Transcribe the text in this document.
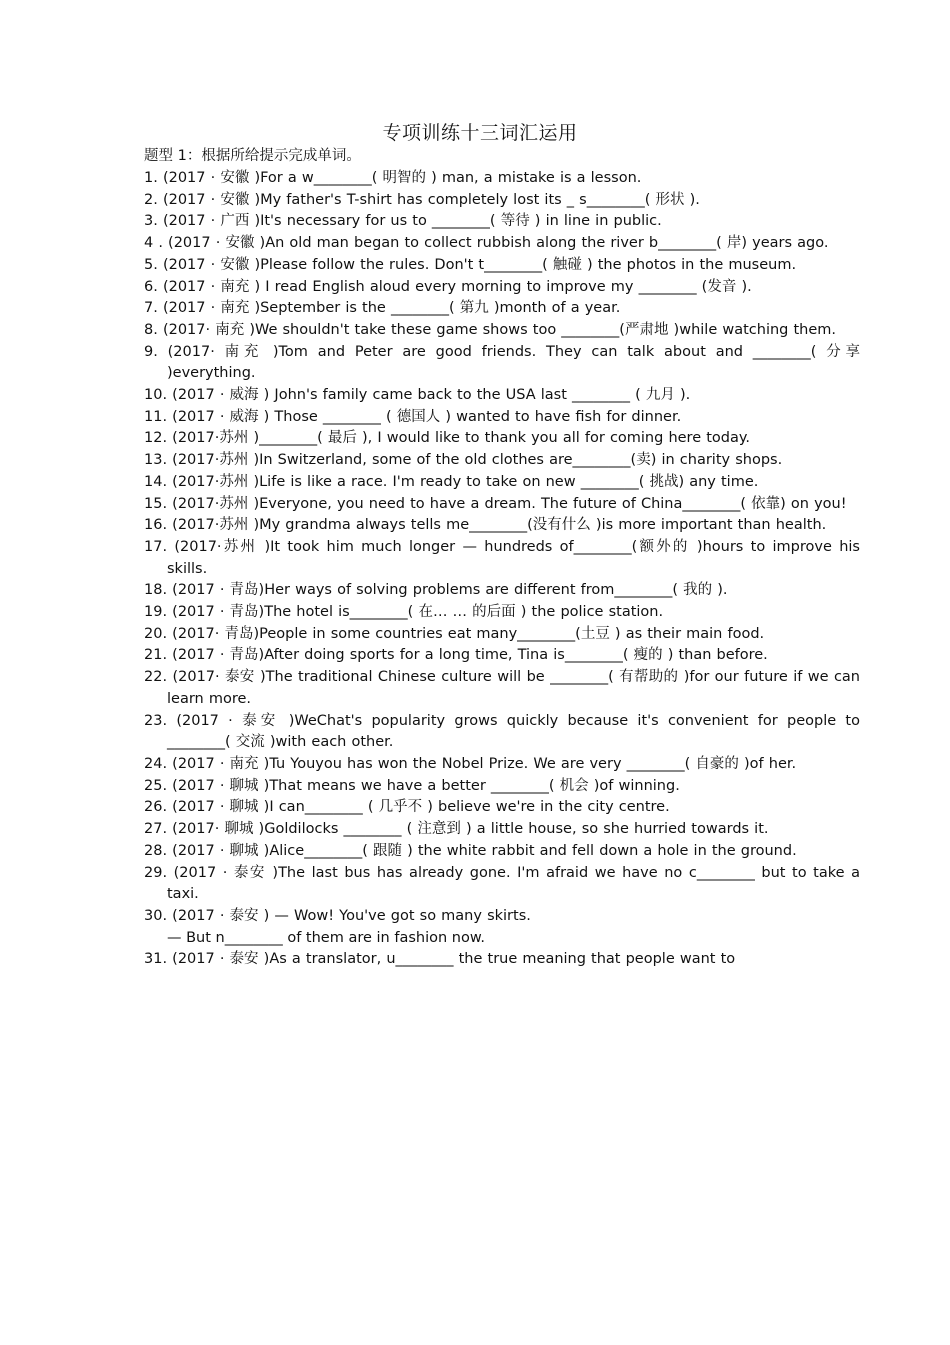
专项训练十三词汇运用
题型 1：根据所给提示完成单词。
1. (2017 · 安徽 )For a w________( 明智的 ) man, a mistake is a lesson.
2. (2017 · 安徽 )My father's T-shirt has completely lost its _ s________( 形状 ).
3. (2017 · 广西 )It's necessary for us to ________( 等待 ) in line in public.
4 . (2017 · 安徽 )An old man began to collect rubbish along the river b________( 岸) years ago.
5. (2017 · 安徽 )Please follow the rules. Don't t________( 触碰 ) the photos in the museum.
6. (2017 · 南充 ) I read English aloud every morning to improve my ________ (发音 ).
7. (2017 · 南充 )September is the ________( 第九 )month of a year.
8. (2017· 南充 )We shouldn't take these game shows too ________(严肃地 )while watching them.
9. (2017· 南充 )Tom and Peter are good friends. They can talk about and ________( 分享 )everything.
10. (2017 · 威海 ) John's family came back to the USA last ________ ( 九月 ).
11. (2017 · 威海 ) Those ________ ( 德国人 ) wanted to have fish for dinner.
12. (2017·苏州 )________( 最后 ), I would like to thank you all for coming here today.
13. (2017·苏州 )In Switzerland, some of the old clothes are________(卖) in charity shops.
14. (2017·苏州 )Life is like a race. I'm ready to take on new ________( 挑战) any time.
15. (2017·苏州 )Everyone, you need to have a dream. The future of China________( 依靠) on you!
16. (2017·苏州 )My grandma always tells me________(没有什么 )is more important than health.
17. (2017·苏州 )It took him much longer — hundreds of________(额外的 )hours to improve his skills.
18. (2017 · 青岛)Her ways of solving problems are different from________( 我的 ).
19. (2017 · 青岛)The hotel is________( 在… … 的后面 ) the police station.
20. (2017· 青岛)People in some countries eat many________(土豆 ) as their main food.
21. (2017 · 青岛)After doing sports for a long time, Tina is________( 瘦的 ) than before.
22. (2017· 泰安 )The traditional Chinese culture will be ________( 有帮助的 )for our future if we can learn more.
23. (2017 · 泰安 )WeChat's popularity grows quickly because it's convenient for people to ________( 交流 )with each other.
24. (2017 · 南充 )Tu Youyou has won the Nobel Prize. We are very ________( 自豪的 )of her.
25. (2017 · 聊城 )That means we have a better ________( 机会 )of winning.
26. (2017 · 聊城 )I can________ ( 几乎不 ) believe we're in the city centre.
27. (2017· 聊城 )Goldilocks ________ ( 注意到 ) a little house, so she hurried towards it.
28. (2017 · 聊城 )Alice________( 跟随 ) the white rabbit and fell down a hole in the ground.
29. (2017 · 泰安 )The last bus has already gone. I'm afraid we have no c________ but to take a taxi.
30. (2017 · 泰安 ) — Wow! You've got so many skirts.
— But n________ of them are in fashion now.
31. (2017 · 泰安 )As a translator, u________ the true meaning that people want to
